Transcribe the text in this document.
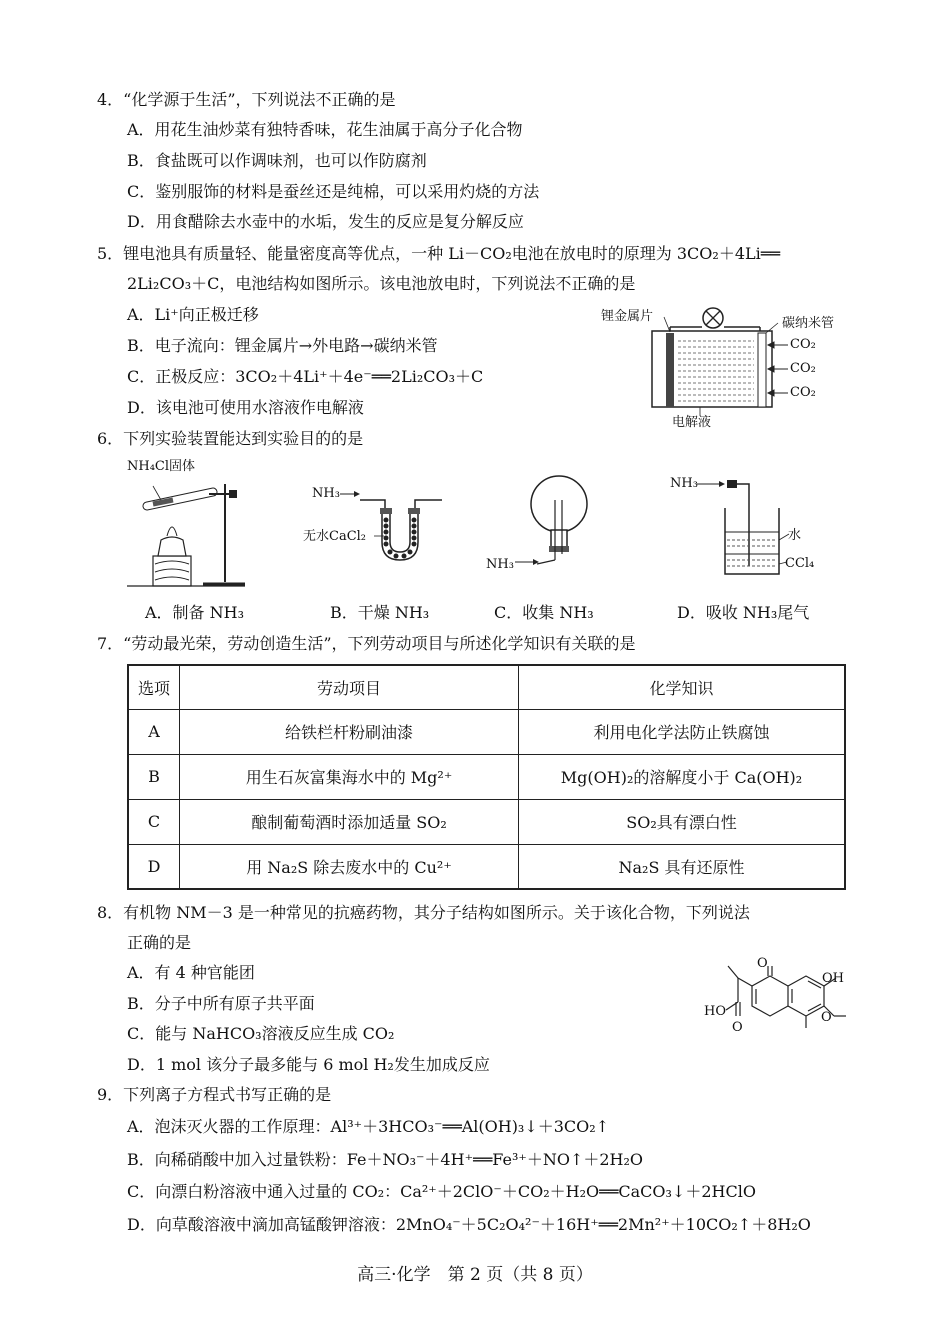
4．“化学源于生活”，下列说法不正确的是
A．用花生油炒菜有独特香味，花生油属于高分子化合物
B．食盐既可以作调味剂，也可以作防腐剂
C．鉴别服饰的材料是蚕丝还是纯棉，可以采用灼烧的方法
D．用食醋除去水壶中的水垢，发生的反应是复分解反应
5．锂电池具有质量轻、能量密度高等优点，一种 Li－CO₂电池在放电时的原理为 3CO₂＋4Li══
2Li₂CO₃＋C，电池结构如图所示。该电池放电时，下列说法不正确的是
A．Li⁺向正极迁移
B．电子流向：锂金属片→外电路→碳纳米管
C．正极反应：3CO₂＋4Li⁺＋4e⁻══2Li₂CO₃＋C
D．该电池可使用水溶液作电解液
锂金属片	碳纳米管
CO₂
CO₂
CO₂
电解液
6．下列实验装置能达到实验目的的是
NH₄Cl固体
NH₃
无水CaCl₂
NH₃
NH₃
水
CCl₄
A．制备 NH₃	B．干燥 NH₃	C．收集 NH₃	D．吸收 NH₃尾气
7．“劳动最光荣，劳动创造生活”，下列劳动项目与所述化学知识有关联的是
选项	劳动项目	化学知识
A	给铁栏杆粉刷油漆	利用电化学法防止铁腐蚀
B	用生石灰富集海水中的 Mg²⁺	Mg(OH)₂的溶解度小于 Ca(OH)₂
C	酿制葡萄酒时添加适量 SO₂	SO₂具有漂白性
D	用 Na₂S 除去废水中的 Cu²⁺	Na₂S 具有还原性
8．有机物 NM－3 是一种常见的抗癌药物，其分子结构如图所示。关于该化合物，下列说法
正确的是
A．有 4 种官能团
B．分子中所有原子共平面
C．能与 NaHCO₃溶液反应生成 CO₂
D．1 mol 该分子最多能与 6 mol H₂发生加成反应
O
OH
HO
O
O
9．下列离子方程式书写正确的是
A．泡沫灭火器的工作原理：Al³⁺＋3HCO₃⁻══Al(OH)₃↓＋3CO₂↑
B．向稀硝酸中加入过量铁粉：Fe＋NO₃⁻＋4H⁺══Fe³⁺＋NO↑＋2H₂O
C．向漂白粉溶液中通入过量的 CO₂：Ca²⁺＋2ClO⁻＋CO₂＋H₂O══CaCO₃↓＋2HClO
D．向草酸溶液中滴加高锰酸钾溶液：2MnO₄⁻＋5C₂O₄²⁻＋16H⁺══2Mn²⁺＋10CO₂↑＋8H₂O
高三·化学　第 2 页（共 8 页）
